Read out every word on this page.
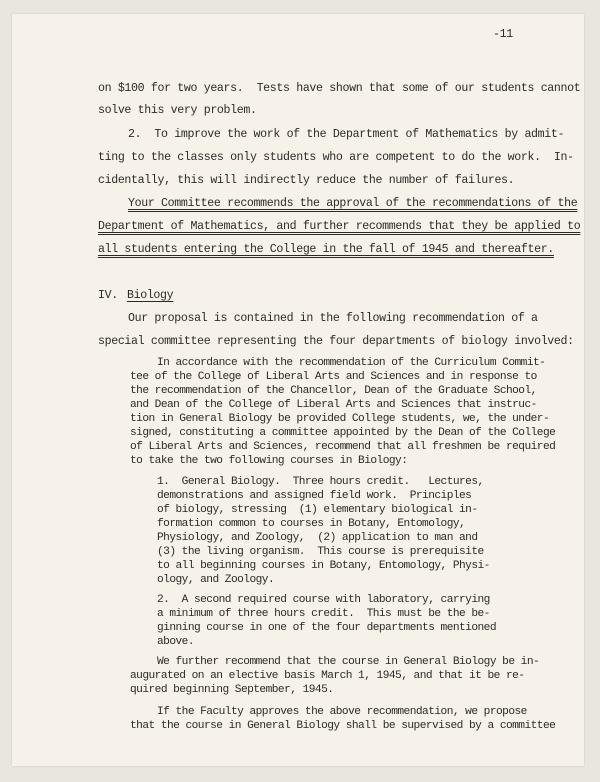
-11

on $100 for two years.  Tests have shown that some of our students cannot

solve this very problem.

2.  To improve the work of the Department of Mathematics by admit-

ting to the classes only students who are competent to do the work.  In-

cidentally, this will indirectly reduce the number of failures.

Your Committee recommends the approval of the recommendations of the

Department of Mathematics, and further recommends that they be applied to

all students entering the College in the fall of 1945 and thereafter.

IV. Biology

Our proposal is contained in the following recommendation of a

special committee representing the four departments of biology involved:

In accordance with the recommendation of the Curriculum Commit-

tee of the College of Liberal Arts and Sciences and in response to

the recommendation of the Chancellor, Dean of the Graduate School,

and Dean of the College of Liberal Arts and Sciences that instruc-

tion in General Biology be provided College students, we, the under-

signed, constituting a committee appointed by the Dean of the College

of Liberal Arts and Sciences, recommend that all freshmen be required

to take the two following courses in Biology:

1.  General Biology.  Three hours credit.   Lectures,

demonstrations and assigned field work.  Principles

of biology, stressing  (1) elementary biological in-

formation common to courses in Botany, Entomology,

Physiology, and Zoology,  (2) application to man and

(3) the living organism.  This course is prerequisite

to all beginning courses in Botany, Entomology, Physi-

ology, and Zoology.

2.  A second required course with laboratory, carrying

a minimum of three hours credit.  This must be the be-

ginning course in one of the four departments mentioned

above.

We further recommend that the course in General Biology be in-

augurated on an elective basis March 1, 1945, and that it be re-

quired beginning September, 1945.

If the Faculty approves the above recommendation, we propose

that the course in General Biology shall be supervised by a committee
